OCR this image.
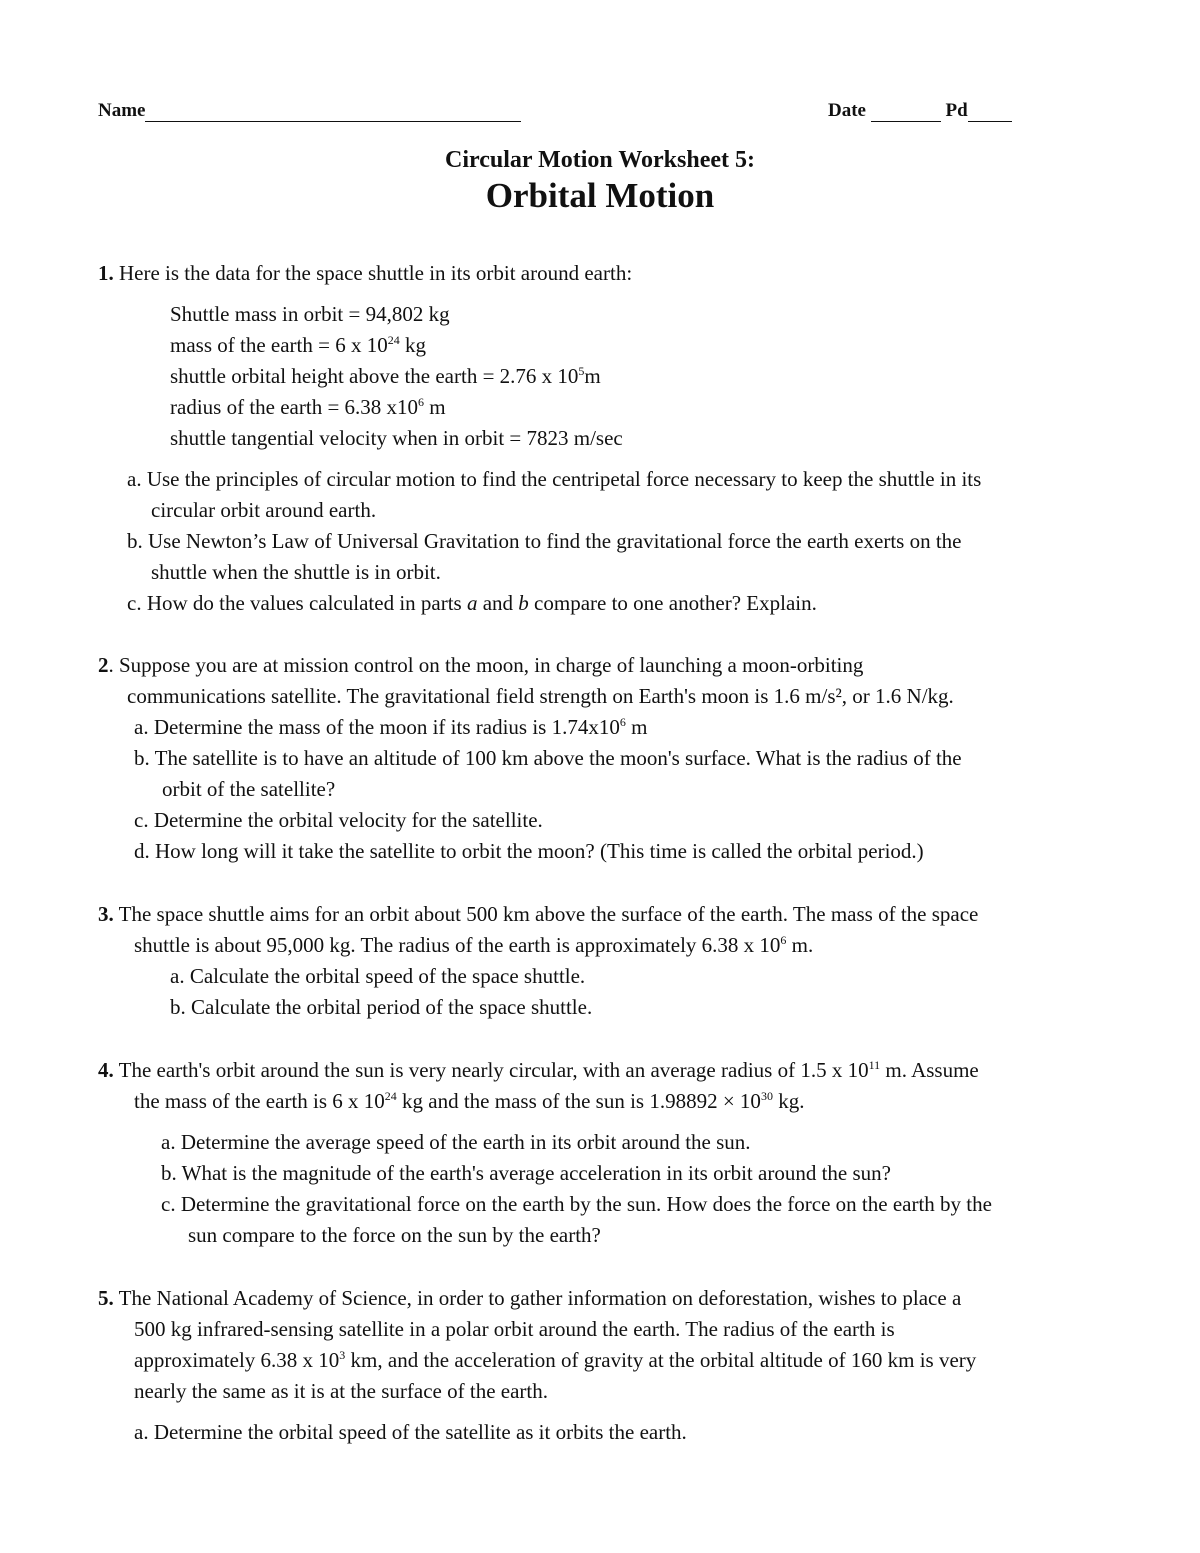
Name	Date	Pd
Circular Motion Worksheet 5:
Orbital Motion
1. Here is the data for the space shuttle in its orbit around earth:
Shuttle mass in orbit = 94,802 kg
mass of the earth = 6 x $10^{24}$ kg
shuttle orbital height above the earth = 2.76 x $10^5m$
radius of the earth = 6.38 $x10^6$ m
shuttle tangential velocity when in orbit = 7823 m/sec
a. Use the principles of circular motion to find the centripetal force necessary to keep the shuttle in its
circular orbit around earth.
b. Use Newton’s Law of Universal Gravitation to find the gravitational force the earth exerts on the
shuttle when the shuttle is in orbit.
c. How do the values calculated in parts a and b compare to one another? Explain.
2. Suppose you are at mission control on the moon, in charge of launching a moon-orbiting
communications satellite. The gravitational field strength on Earth's moon is 1.6 m/s², or 1.6 N/kg.
a. Determine the mass of the moon if its radius is $1.74x10^6$ m
b. The satellite is to have an altitude of 100 km above the moon's surface. What is the radius of the
orbit of the satellite?
c. Determine the orbital velocity for the satellite.
d. How long will it take the satellite to orbit the moon? (This time is called the orbital period.)
3. The space shuttle aims for an orbit about 500 km above the surface of the earth. The mass of the space
shuttle is about 95,000 kg. The radius of the earth is approximately 6.38 x $10^6$ m.
a. Calculate the orbital speed of the space shuttle.
b. Calculate the orbital period of the space shuttle.
4. The earth's orbit around the sun is very nearly circular, with an average radius of 1.5 x $10^{11}$ m. Assume
the mass of the earth is 6 x $10^{24}$ kg and the mass of the sun is $1.98892 \times 10^{30}$ kg.
a. Determine the average speed of the earth in its orbit around the sun.
b. What is the magnitude of the earth's average acceleration in its orbit around the sun?
c. Determine the gravitational force on the earth by the sun. How does the force on the earth by the
sun compare to the force on the sun by the earth?
5. The National Academy of Science, in order to gather information on deforestation, wishes to place a
500 kg infrared-sensing satellite in a polar orbit around the earth. The radius of the earth is
approximately 6.38 x $10^3$ km, and the acceleration of gravity at the orbital altitude of 160 km is very
nearly the same as it is at the surface of the earth.
a. Determine the orbital speed of the satellite as it orbits the earth.
